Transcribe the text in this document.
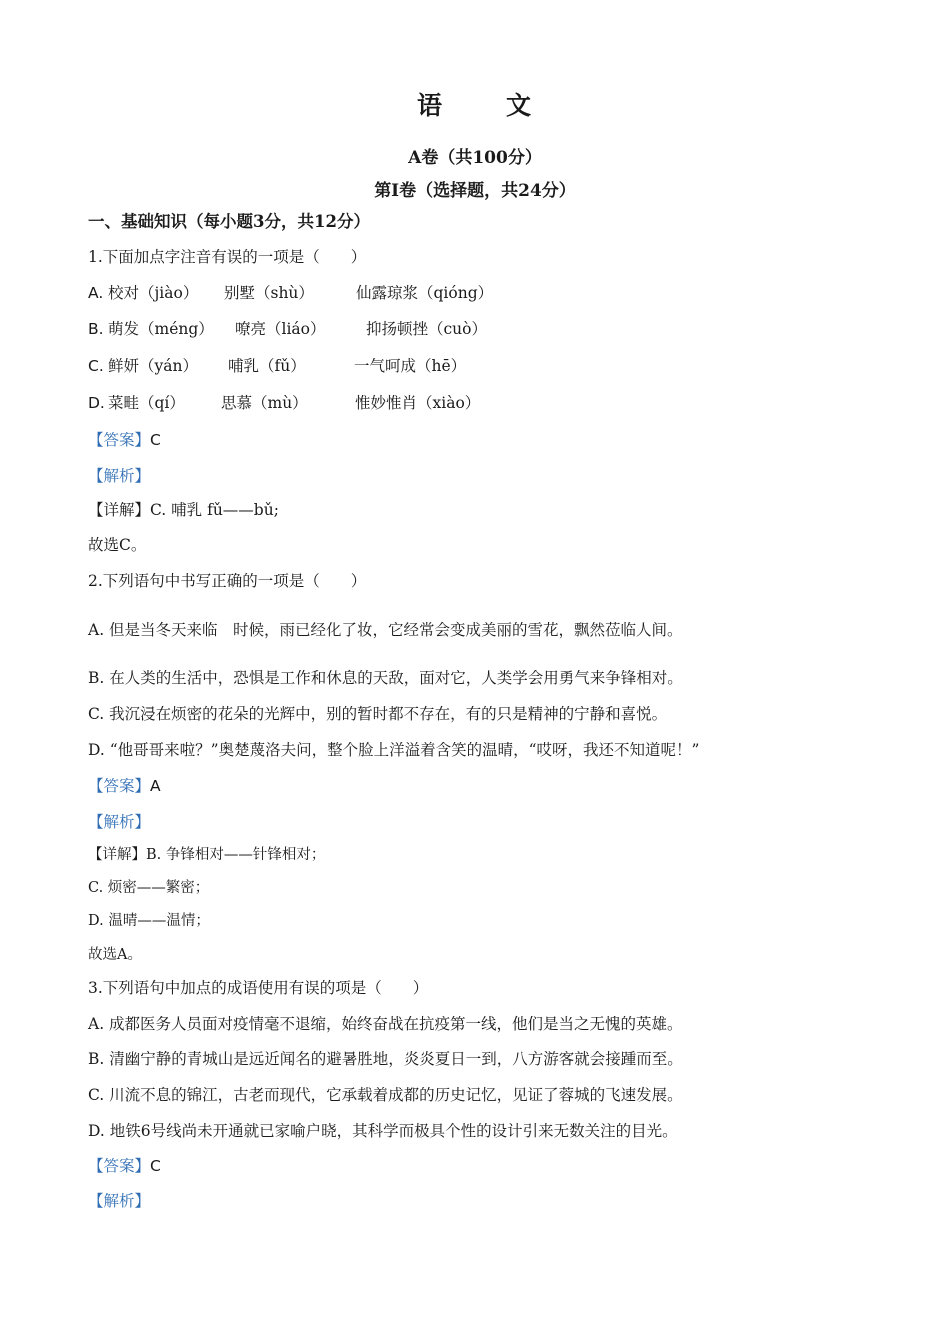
语 文
A卷（共100分）
第Ⅰ卷（选择题，共24分）
一、基础知识（每小题3分，共12分）
1.下面加点字注音有误的一项是（　　）
A. 校对（jiào） 别墅（shù）	仙露琼浆（qióng）
B. 萌发（méng） 嘹亮（liáo）	抑扬顿挫（cuò）
C. 鲜妍（yán） 哺乳（fǔ）	一气呵成（hē）
D. 菜畦（qí） 思慕（mù）	惟妙惟肖（xiào）
【答案】C
【解析】
【详解】C. 哺乳 fǔ——bǔ;
故选C。
2.下列语句中书写正确的一项是（　　）
A. 但是当冬天来临　时候，雨已经化了妆，它经常会变成美丽的雪花，飘然莅临人间。
B. 在人类的生活中，恐惧是工作和休息的天敌，面对它，人类学会用勇气来争锋相对。
C. 我沉浸在烦密的花朵的光辉中，别的暂时都不存在，有的只是精神的宁静和喜悦。
D. “他哥哥来啦？”奥楚蔑洛夫问，整个脸上洋溢着含笑的温晴，“哎呀，我还不知道呢！”
【答案】A
【解析】
【详解】B. 争锋相对——针锋相对；
C. 烦密——繁密；
D. 温晴——温情；
故选A。
3.下列语句中加点的成语使用有误的项是（　　）
A. 成都医务人员面对疫情毫不退缩，始终奋战在抗疫第一线，他们是当之无愧的英雄。
B. 清幽宁静的青城山是远近闻名的避暑胜地，炎炎夏日一到，八方游客就会接踵而至。
C. 川流不息的锦江，古老而现代，它承载着成都的历史记忆，见证了蓉城的飞速发展。
D. 地铁6号线尚未开通就已家喻户晓，其科学而极具个性的设计引来无数关注的目光。
【答案】C
【解析】
